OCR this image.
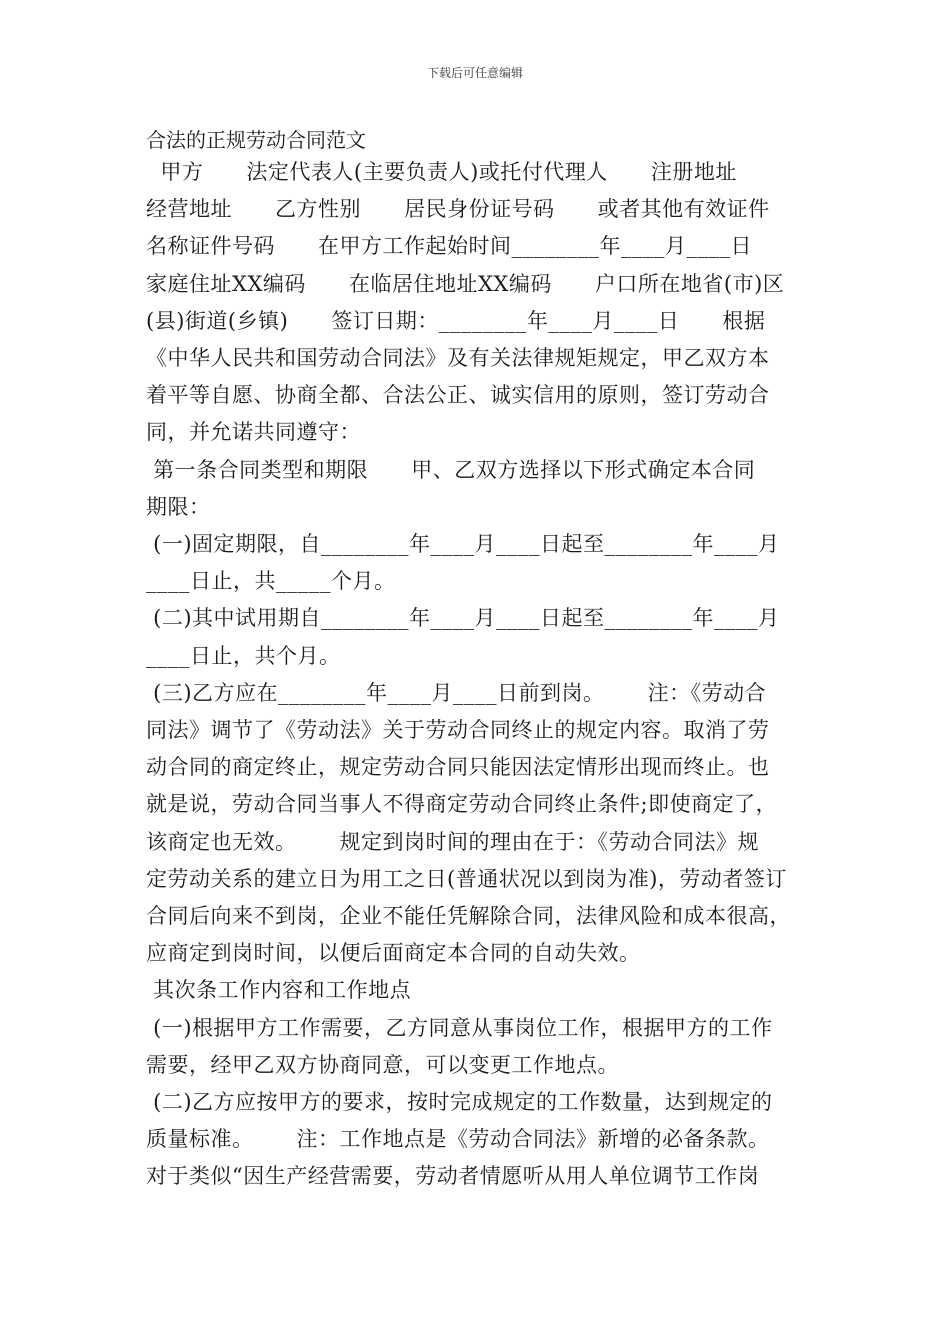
下载后可任意编辑
合法的正规劳动合同范文
甲方      法定代表人(主要负责人)或托付代理人      注册地址
经营地址      乙方性别      居民身份证号码      或者其他有效证件
名称证件号码      在甲方工作起始时间________年____月____日
家庭住址XX编码      在临居住地址XX编码      户口所在地省(市)区
(县)街道(乡镇)      签订日期：________年____月____日      根据
《中华人民共和国劳动合同法》及有关法律规矩规定，甲乙双方本
着平等自愿、协商全都、合法公正、诚实信用的原则，签订劳动合
同，并允诺共同遵守：
第一条合同类型和期限      甲、乙双方选择以下形式确定本合同
期限：
(一)固定期限，自________年____月____日起至________年____月
____日止，共_____个月。
(二)其中试用期自________年____月____日起至________年____月
____日止，共个月。
(三)乙方应在________年____月____日前到岗。      注：《劳动合
同法》调节了《劳动法》关于劳动合同终止的规定内容。取消了劳
动合同的商定终止，规定劳动合同只能因法定情形出现而终止。也
就是说，劳动合同当事人不得商定劳动合同终止条件;即使商定了，
该商定也无效。      规定到岗时间的理由在于：《劳动合同法》规
定劳动关系的建立日为用工之日(普通状况以到岗为准)，劳动者签订
合同后向来不到岗，企业不能任凭解除合同，法律风险和成本很高，
应商定到岗时间，以便后面商定本合同的自动失效。
其次条工作内容和工作地点
(一)根据甲方工作需要，乙方同意从事岗位工作，根据甲方的工作
需要，经甲乙双方协商同意，可以变更工作地点。
(二)乙方应按甲方的要求，按时完成规定的工作数量，达到规定的
质量标准。      注：工作地点是《劳动合同法》新增的必备条款。
对于类似“因生产经营需要，劳动者情愿听从用人单位调节工作岗
